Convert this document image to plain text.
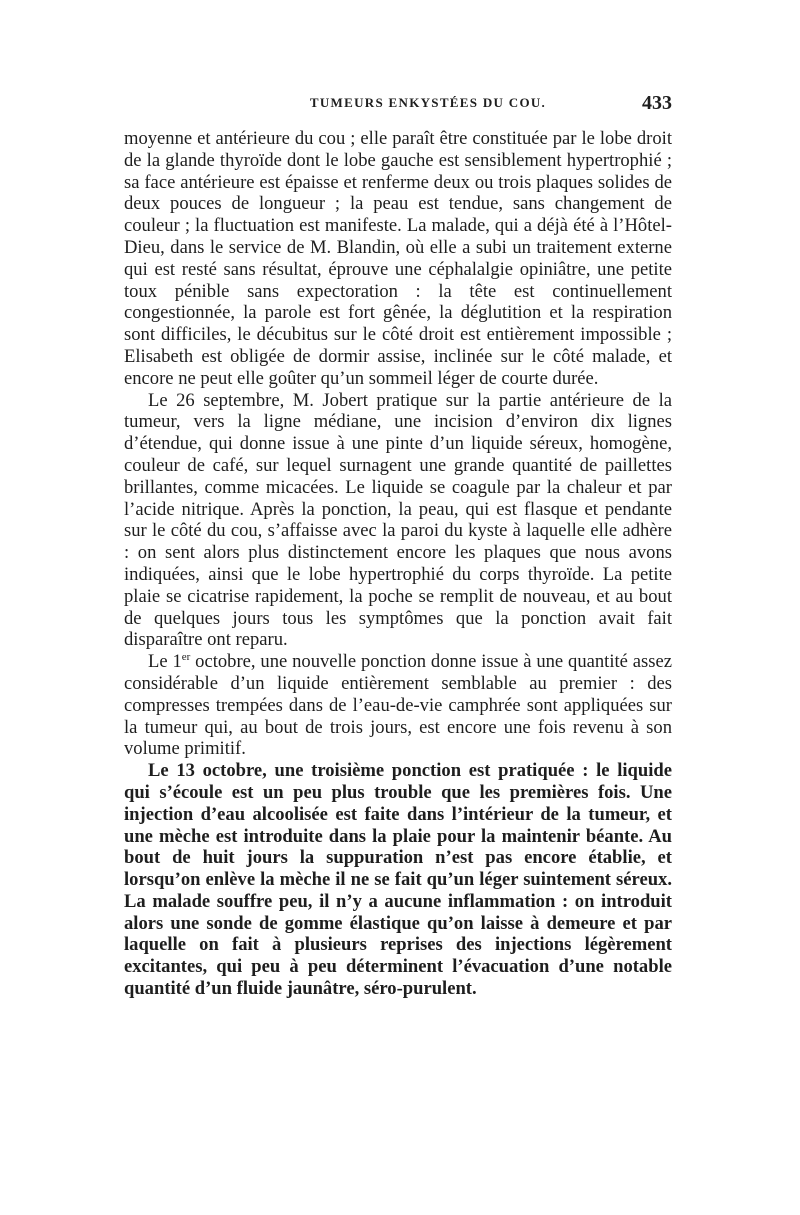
TUMEURS ENKYSTÉES DU COU.	433

moyenne et antérieure du cou ; elle paraît être constituée par le lobe droit de la glande thyroïde dont le lobe gauche est sensiblement hypertrophié ; sa face antérieure est épaisse et renferme deux ou trois plaques solides de deux pouces de longueur ; la peau est tendue, sans changement de couleur ; la fluctuation est manifeste. La malade, qui a déjà été à l’Hôtel-Dieu, dans le service de M. Blandin, où elle a subi un traitement externe qui est resté sans résultat, éprouve une céphalalgie opiniâtre, une petite toux pénible sans expectoration : la tête est continuellement congestionnée, la parole est fort gênée, la déglutition et la respiration sont difficiles, le décubitus sur le côté droit est entièrement impossible ; Elisabeth est obligée de dormir assise, inclinée sur le côté malade, et encore ne peut elle goûter qu’un sommeil léger de courte durée.

Le 26 septembre, M. Jobert pratique sur la partie antérieure de la tumeur, vers la ligne médiane, une incision d’environ dix lignes d’étendue, qui donne issue à une pinte d’un liquide séreux, homogène, couleur de café, sur lequel surnagent une grande quantité de paillettes brillantes, comme micacées. Le liquide se coagule par la chaleur et par l’acide nitrique. Après la ponction, la peau, qui est flasque et pendante sur le côté du cou, s’affaisse avec la paroi du kyste à laquelle elle adhère : on sent alors plus distinctement encore les plaques que nous avons indiquées, ainsi que le lobe hypertrophié du corps thyroïde. La petite plaie se cicatrise rapidement, la poche se remplit de nouveau, et au bout de quelques jours tous les symptômes que la ponction avait fait disparaître ont reparu.

Le 1er octobre, une nouvelle ponction donne issue à une quantité assez considérable d’un liquide entièrement semblable au premier : des compresses trempées dans de l’eau-de-vie camphrée sont appliquées sur la tumeur qui, au bout de trois jours, est encore une fois revenu à son volume primitif.

Le 13 octobre, une troisième ponction est pratiquée : le liquide qui s’écoule est un peu plus trouble que les premières fois. Une injection d’eau alcoolisée est faite dans l’intérieur de la tumeur, et une mèche est introduite dans la plaie pour la maintenir béante. Au bout de huit jours la suppuration n’est pas encore établie, et lorsqu’on enlève la mèche il ne se fait qu’un léger suintement séreux. La malade souffre peu, il n’y a aucune inflammation : on introduit alors une sonde de gomme élastique qu’on laisse à demeure et par laquelle on fait à plusieurs reprises des injections légèrement excitantes, qui peu à peu déterminent l’évacuation d’une notable quantité d’un fluide jaunâtre, séro-purulent.
